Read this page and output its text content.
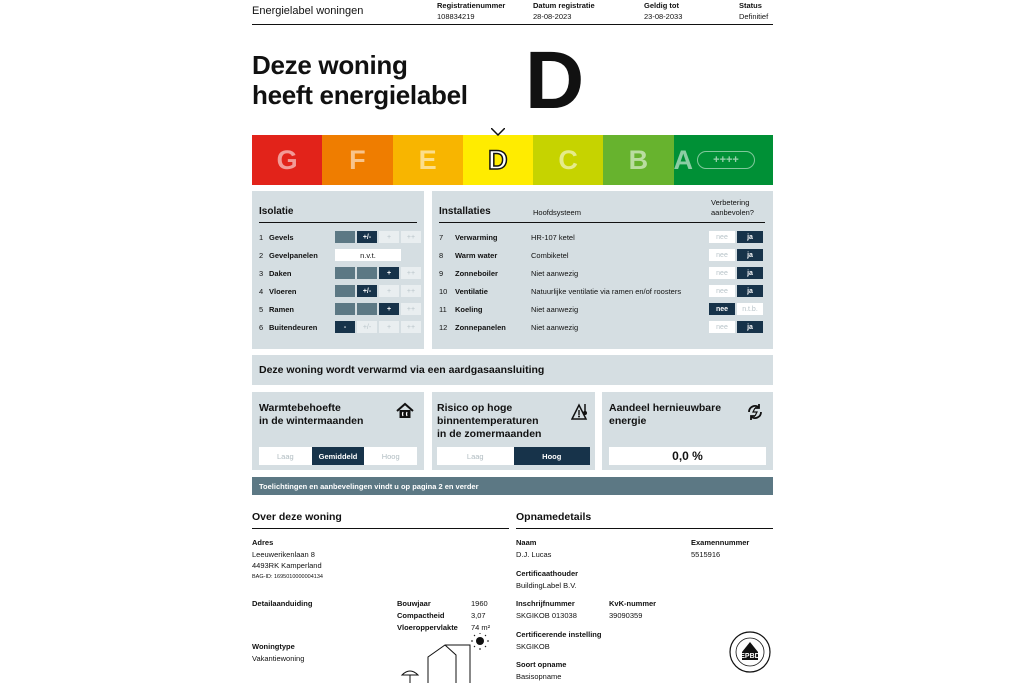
Energielabel woningen	Registratienummer
108834219
Datum registratie
28-08-2023
Geldig tot
23-08-2033
Status
Definitief
Deze woning
heeft energielabel D
G F E D C B A	++++
Isolatie
1 Gevels	+/-	+	++
2 Gevelpanelen	n.v.t.
3 Daken	+	++
4 Vloeren	+/-	+	++
5 Ramen	+	++
6 Buitendeuren	-	+/-	+	++
Installaties	Hoofdsysteem
Verbetering
aanbevolen?
7	Verwarming	HR-107 ketel	nee	ja
8	Warm water	Combiketel	nee	ja
9	Zonneboiler	Niet aanwezig	nee	ja
10	Ventilatie	Natuurlijke ventilatie via ramen en/of roosters	nee	ja
11	Koeling	Niet aanwezig	nee	n.t.b.
12	Zonnepanelen	Niet aanwezig	nee	ja
Deze woning wordt verwarmd via een aardgasaansluiting
Warmtebehoefte
in de wintermaanden
Laag	Gemiddeld	Hoog
Risico op hoge
binnentemperaturen
in de zomermaanden
Laag	Hoog
Aandeel hernieuwbare
energie
0,0 %
Toelichtingen en aanbevelingen vindt u op pagina 2 en verder
Over deze woning
Adres
Leeuwerikenlaan 8
4493RK Kamperland
BAG-ID: 1695010000004134
Detailaanduiding	Bouwjaar	1960
Compactheid	3,07
Vloeroppervlakte 74 m²
Woningtype
Vakantiewoning
Opnamedetails
Naam
D.J. Lucas
Examennummer
5515916
Certificaathouder
BuildingLabel B.V.
Inschrijfnummer
SKGIKOB 013038
KvK-nummer
39090359
Certificerende instelling
SKGIKOB
Soort opname
Basisopname
EPBD
